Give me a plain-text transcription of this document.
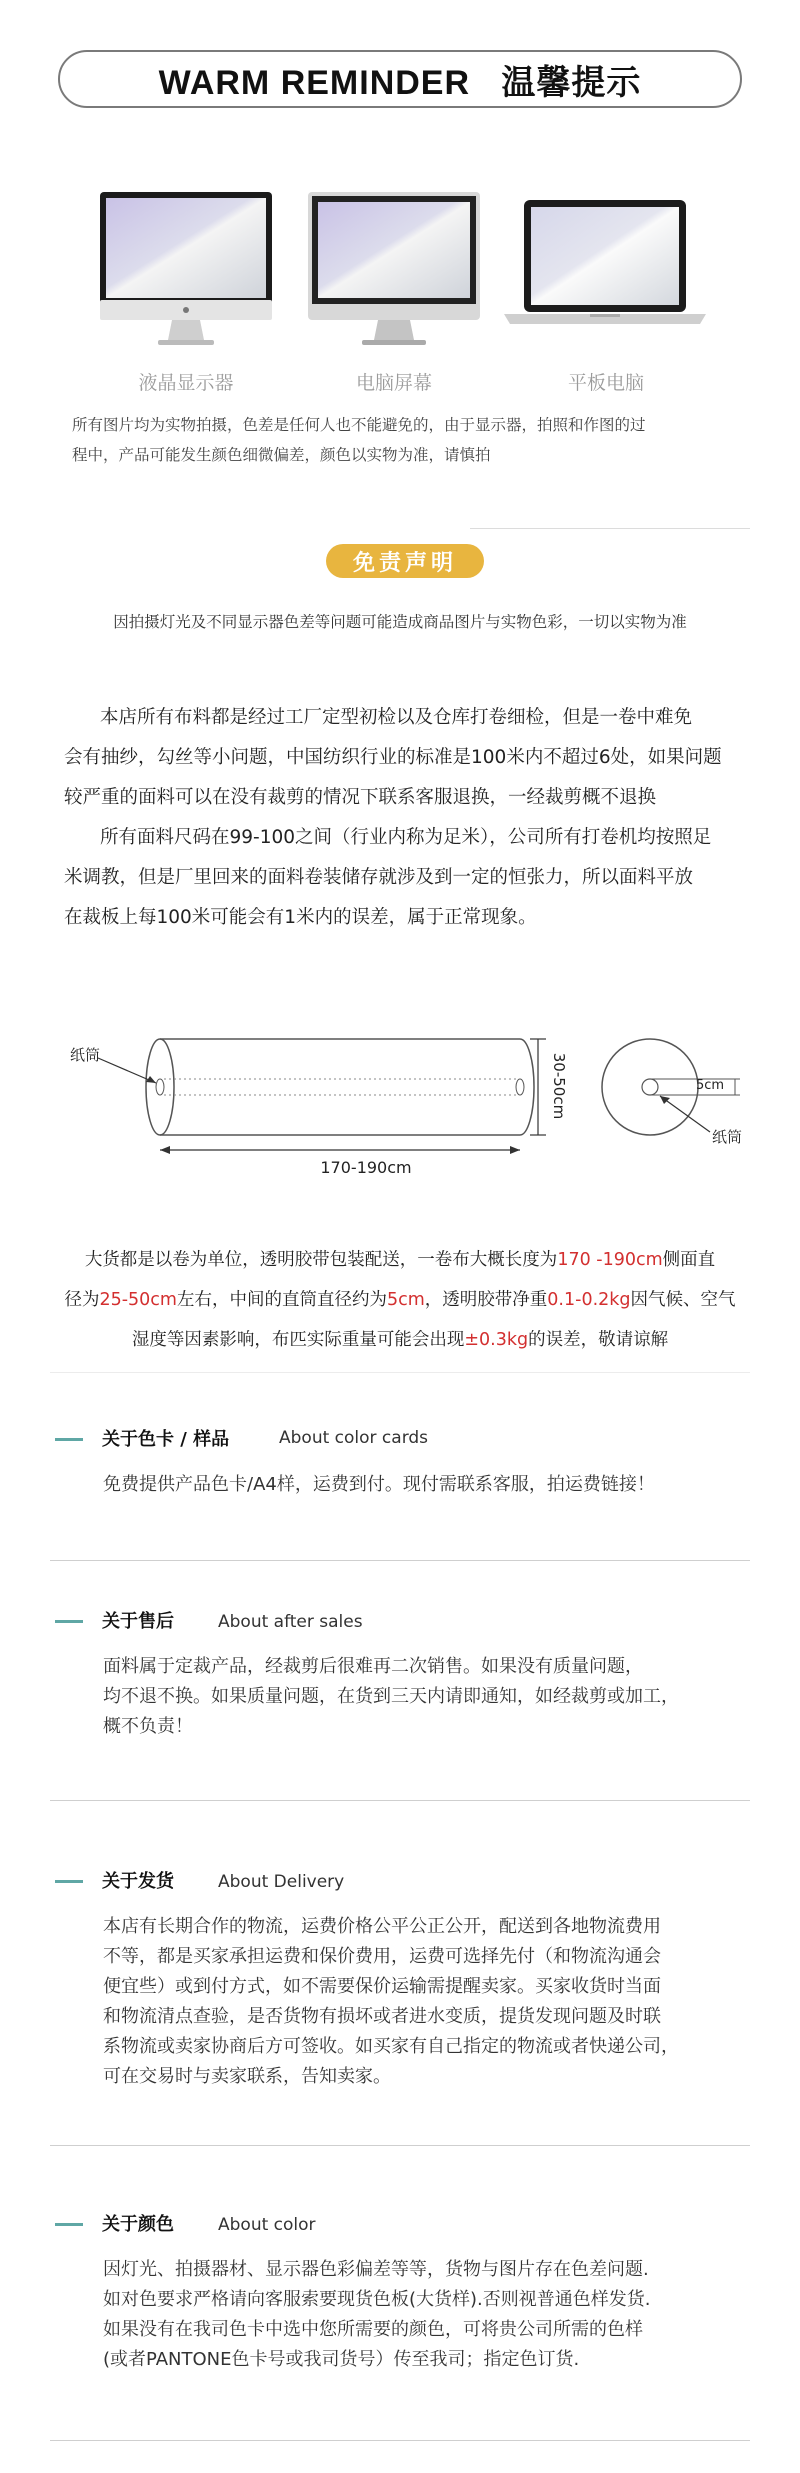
WARM REMINDER   温馨提示
液晶显示器	电脑屏幕	平板电脑
所有图片均为实物拍摄，色差是任何人也不能避免的，由于显示器，拍照和作图的过
程中，产品可能发生颜色细微偏差，颜色以实物为准，请慎拍
免责声明
因拍摄灯光及不同显示器色差等问题可能造成商品图片与实物色彩，一切以实物为准
本店所有布料都是经过工厂定型初检以及仓库打卷细检，但是一卷中难免
会有抽纱，勾丝等小问题，中国纺织行业的标准是100米内不超过6处，如果问题
较严重的面料可以在没有裁剪的情况下联系客服退换，一经裁剪概不退换
所有面料尺码在99-100之间（行业内称为足米），公司所有打卷机均按照足
米调教，但是厂里回来的面料卷装储存就涉及到一定的恒张力，所以面料平放
在裁板上每100米可能会有1米内的误差，属于正常现象。
纸筒
170-190cm
30-50cm	5cm
纸筒
大货都是以卷为单位，透明胶带包装配送，一卷布大概长度为170 -190cm侧面直
径为25-50cm左右，中间的直筒直径约为5cm，透明胶带净重0.1-0.2kg因气候、空气
湿度等因素影响，布匹实际重量可能会出现±0.3kg的误差，敬请谅解
关于色卡 / 样品	About color cards
免费提供产品色卡/A4样，运费到付。现付需联系客服，拍运费链接！
关于售后	About after sales
面料属于定裁产品，经裁剪后很难再二次销售。如果没有质量问题，
均不退不换。如果质量问题，在货到三天内请即通知，如经裁剪或加工，
概不负责！
关于发货	About Delivery
本店有长期合作的物流，运费价格公平公正公开，配送到各地物流费用
不等，都是买家承担运费和保价费用，运费可选择先付（和物流沟通会
便宜些）或到付方式，如不需要保价运输需提醒卖家。买家收货时当面
和物流清点查验，是否货物有损坏或者进水变质，提货发现问题及时联
系物流或卖家协商后方可签收。如买家有自己指定的物流或者快递公司，
可在交易时与卖家联系，告知卖家。
关于颜色	About color
因灯光、拍摄器材、显示器色彩偏差等等，货物与图片存在色差问题.
如对色要求严格请向客服索要现货色板(大货样).否则视普通色样发货.
如果没有在我司色卡中选中您所需要的颜色，可将贵公司所需的色样
(或者PANTONE色卡号或我司货号）传至我司；指定色订货.
